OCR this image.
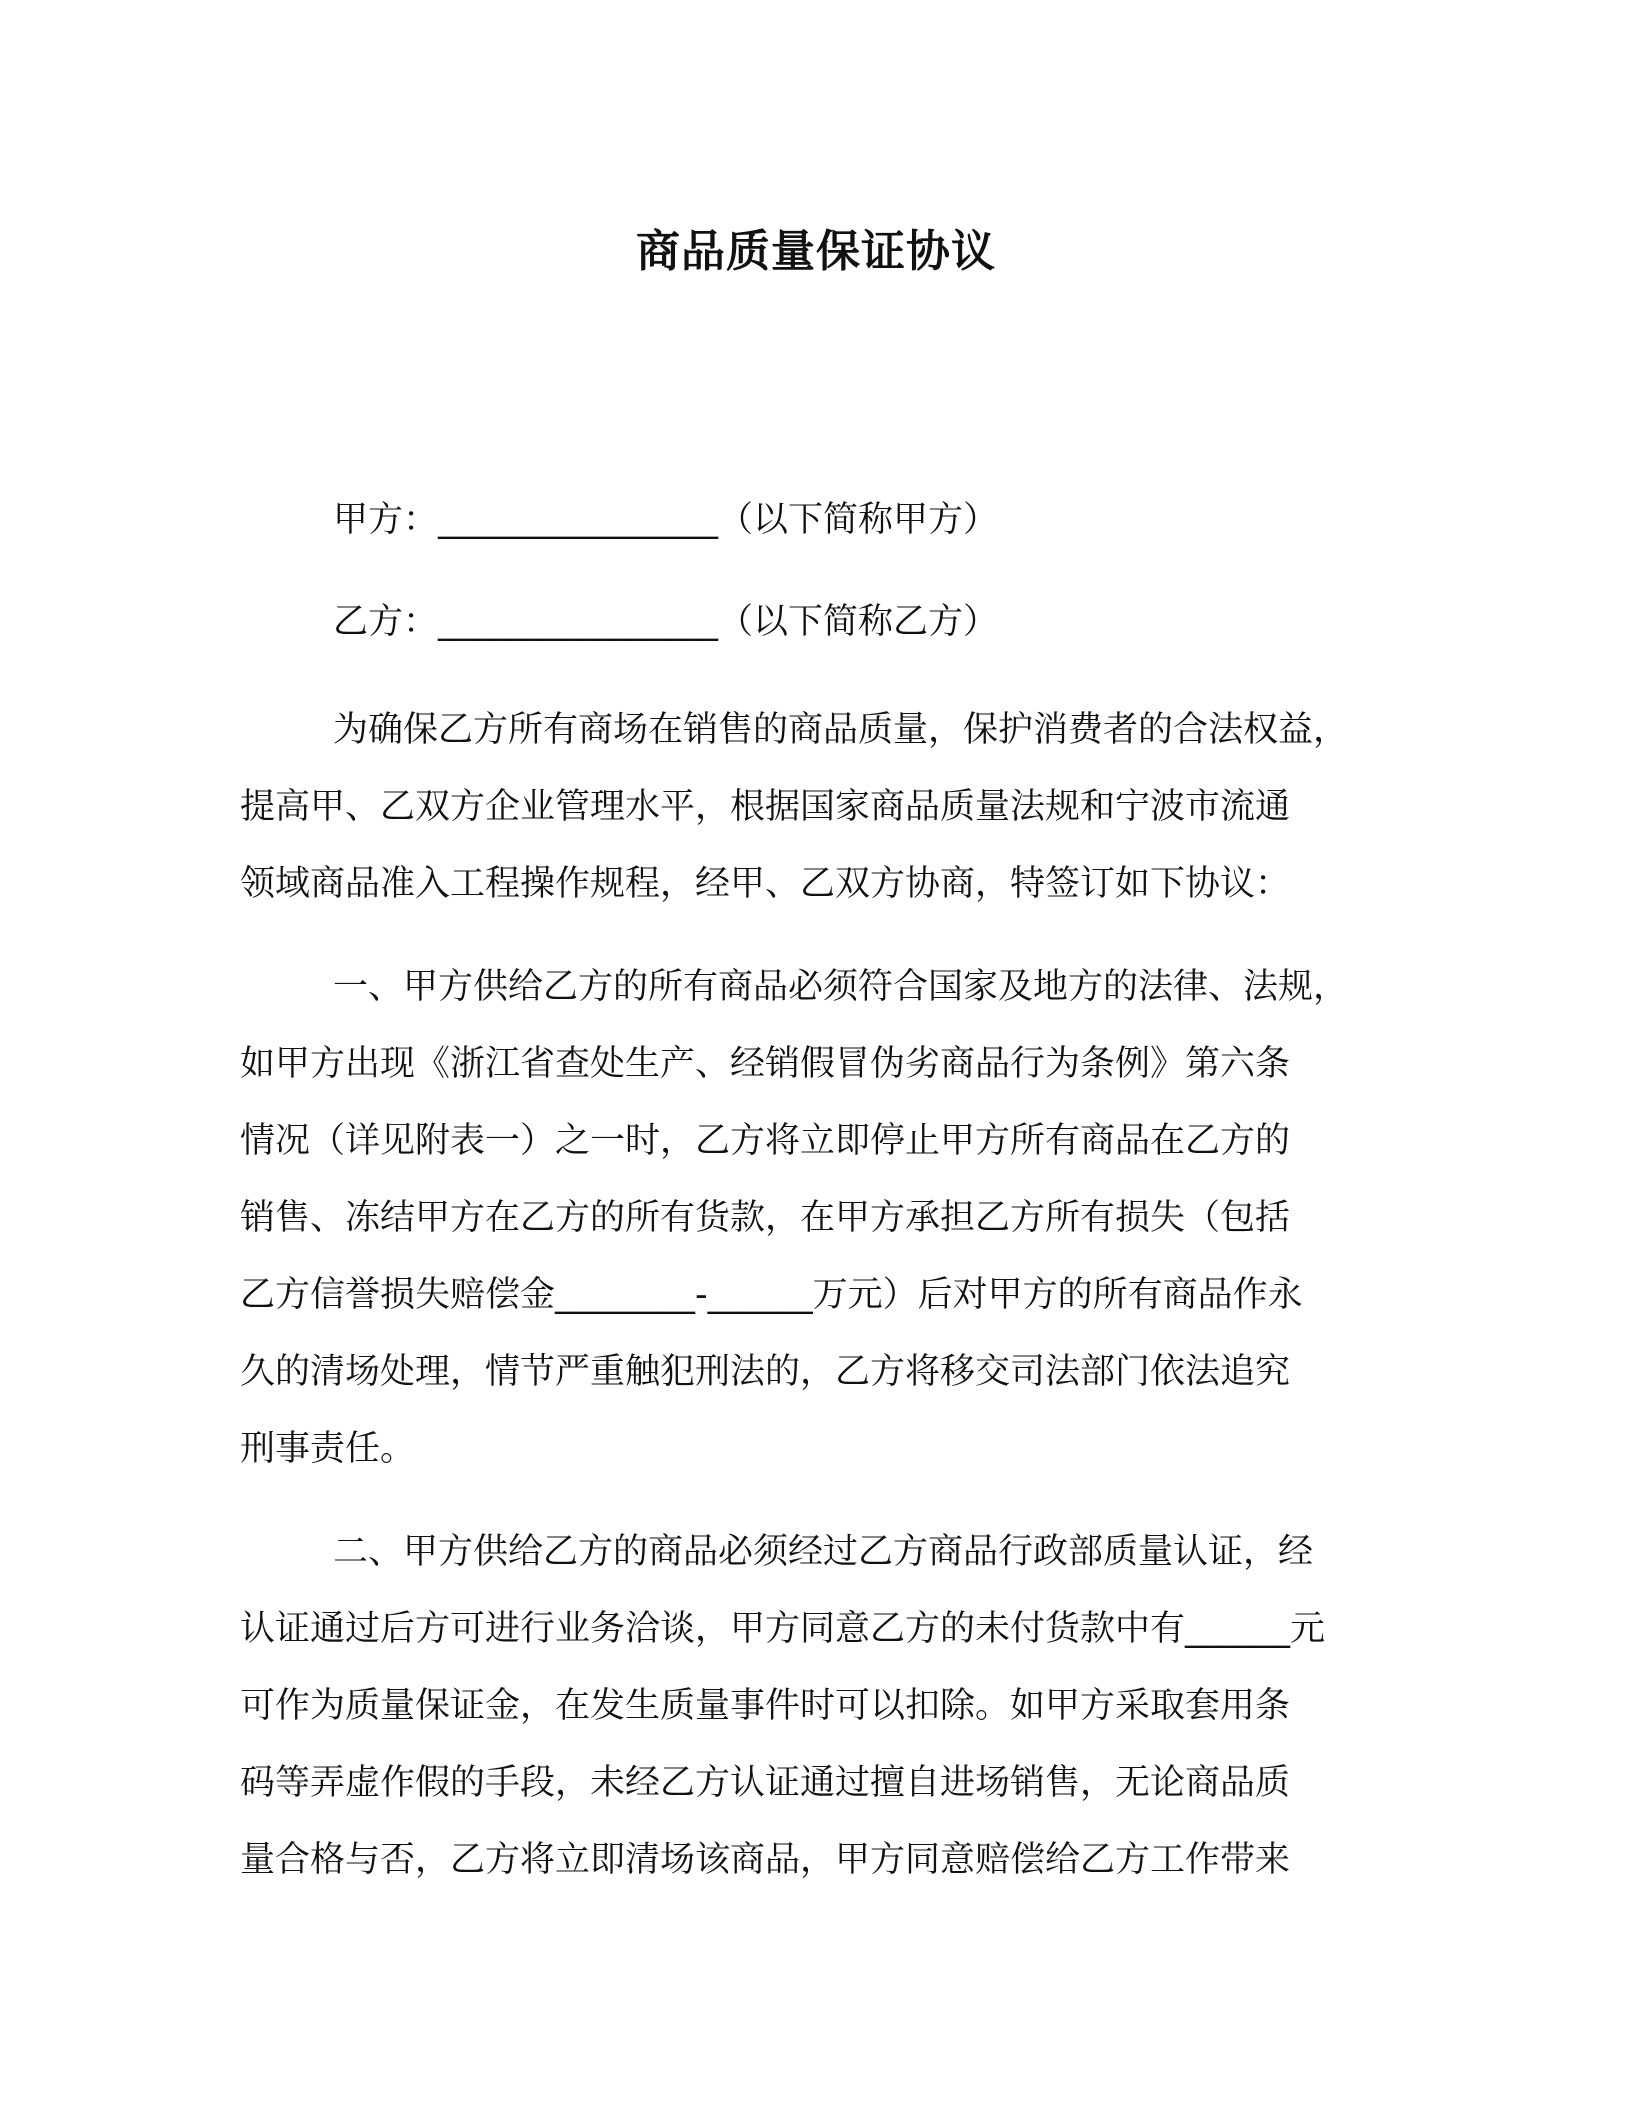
商品质量保证协议
甲方：________________（以下简称甲方）
乙方：________________（以下简称乙方）
为确保乙方所有商场在销售的商品质量，保护消费者的合法权益，
提高甲、乙双方企业管理水平，根据国家商品质量法规和宁波市流通
领域商品准入工程操作规程，经甲、乙双方协商，特签订如下协议：
一、甲方供给乙方的所有商品必须符合国家及地方的法律、法规，
如甲方出现《浙江省查处生产、经销假冒伪劣商品行为条例》第六条
情况（详见附表一）之一时，乙方将立即停止甲方所有商品在乙方的
销售、冻结甲方在乙方的所有货款，在甲方承担乙方所有损失（包括
乙方信誉损失赔偿金________-______万元）后对甲方的所有商品作永
久的清场处理，情节严重触犯刑法的，乙方将移交司法部门依法追究
刑事责任。
二、甲方供给乙方的商品必须经过乙方商品行政部质量认证，经
认证通过后方可进行业务洽谈，甲方同意乙方的未付货款中有______元
可作为质量保证金，在发生质量事件时可以扣除。如甲方采取套用条
码等弄虚作假的手段，未经乙方认证通过擅自进场销售，无论商品质
量合格与否，乙方将立即清场该商品，甲方同意赔偿给乙方工作带来
